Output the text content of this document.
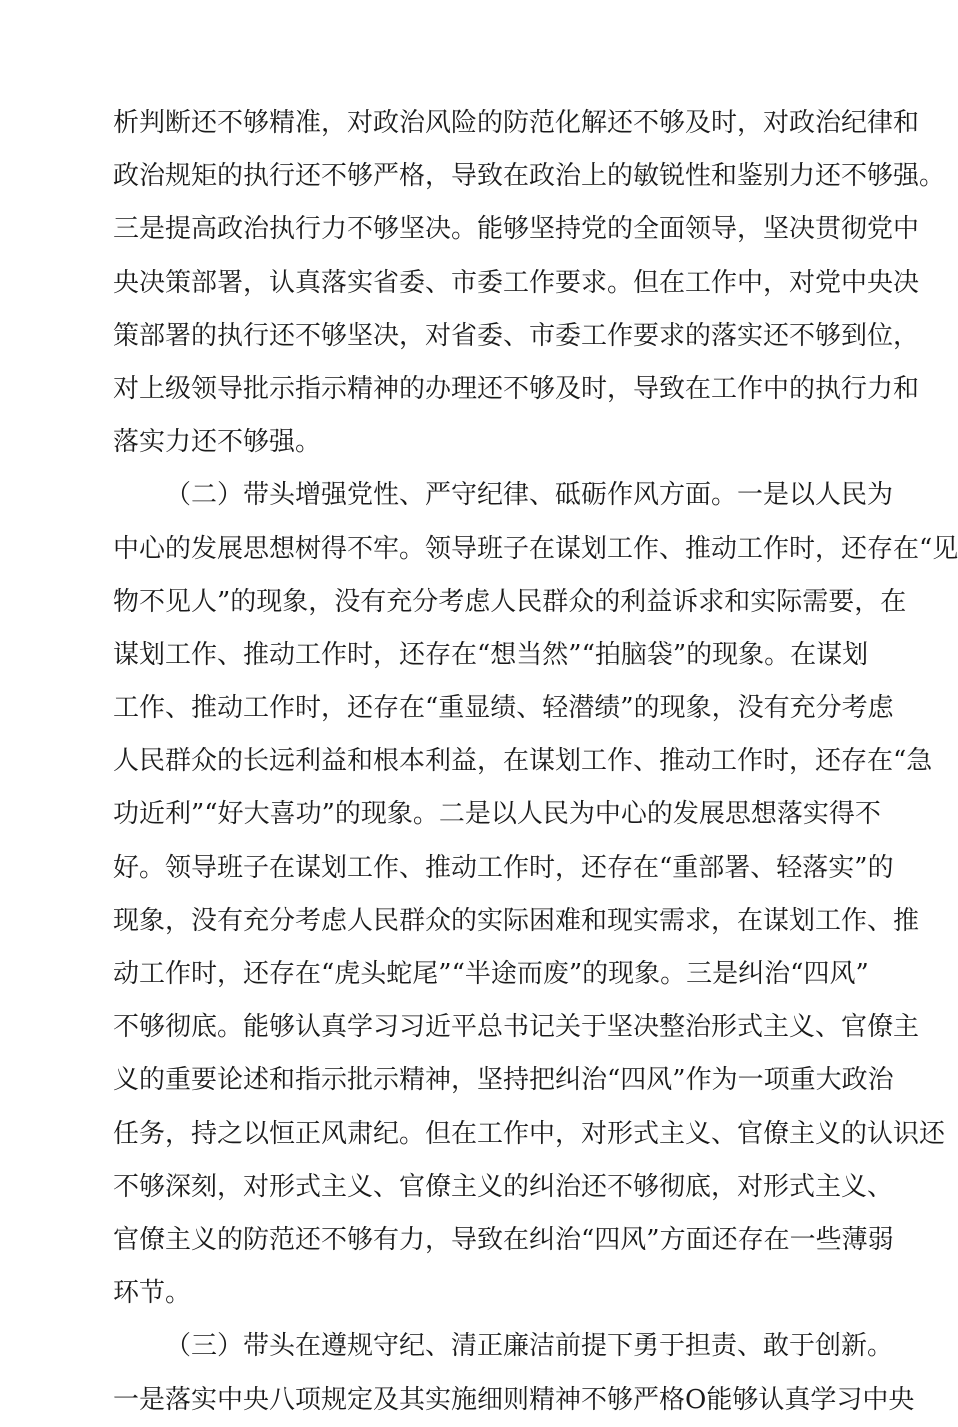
析判断还不够精准，对政治风险的防范化解还不够及时，对政治纪律和
政治规矩的执行还不够严格，导致在政治上的敏锐性和鉴别力还不够强。
三是提高政治执行力不够坚决。能够坚持党的全面领导，坚决贯彻党中
央决策部署，认真落实省委、市委工作要求。但在工作中，对党中央决
策部署的执行还不够坚决，对省委、市委工作要求的落实还不够到位，
对上级领导批示指示精神的办理还不够及时，导致在工作中的执行力和
落实力还不够强。
（二）带头增强党性、严守纪律、砥砺作风方面。一是以人民为
中心的发展思想树得不牢。领导班子在谋划工作、推动工作时，还存在“见
物不见人”的现象，没有充分考虑人民群众的利益诉求和实际需要，在
谋划工作、推动工作时，还存在“想当然”“拍脑袋”的现象。在谋划
工作、推动工作时，还存在“重显绩、轻潜绩”的现象，没有充分考虑
人民群众的长远利益和根本利益，在谋划工作、推动工作时，还存在“急
功近利”“好大喜功”的现象。二是以人民为中心的发展思想落实得不
好。领导班子在谋划工作、推动工作时，还存在“重部署、轻落实”的
现象，没有充分考虑人民群众的实际困难和现实需求，在谋划工作、推
动工作时，还存在“虎头蛇尾”“半途而废”的现象。三是纠治“四风”
不够彻底。能够认真学习习近平总书记关于坚决整治形式主义、官僚主
义的重要论述和指示批示精神，坚持把纠治“四风”作为一项重大政治
任务，持之以恒正风肃纪。但在工作中，对形式主义、官僚主义的认识还
不够深刻，对形式主义、官僚主义的纠治还不够彻底，对形式主义、
官僚主义的防范还不够有力，导致在纠治“四风”方面还存在一些薄弱
环节。
（三）带头在遵规守纪、清正廉洁前提下勇于担责、敢于创新。
一是落实中央八项规定及其实施细则精神不够严格O能够认真学习中央
